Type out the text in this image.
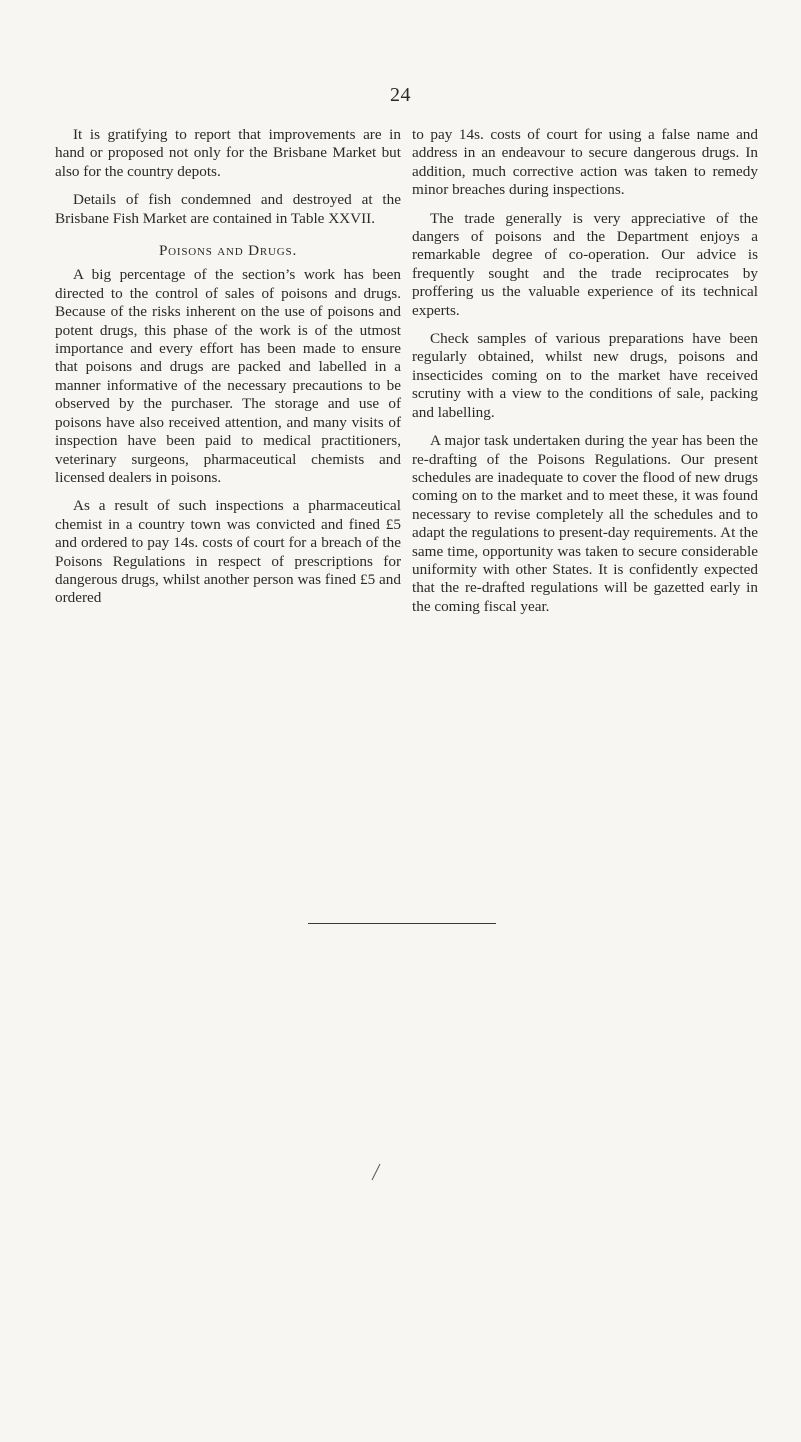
24

It is gratifying to report that improvements are in hand or proposed not only for the Brisbane Market but also for the country depots.

Details of fish condemned and destroyed at the Brisbane Fish Market are contained in Table XXVII.

Poisons and Drugs.

A big percentage of the section’s work has been directed to the control of sales of poisons and drugs. Because of the risks inherent on the use of poisons and potent drugs, this phase of the work is of the utmost importance and every effort has been made to ensure that poisons and drugs are packed and labelled in a manner informative of the necessary precautions to be observed by the purchaser. The storage and use of poisons have also received attention, and many visits of inspection have been paid to medical practitioners, veterinary surgeons, pharmaceutical chemists and licensed dealers in poisons.

As a result of such inspections a pharmaceutical chemist in a country town was convicted and fined £5 and ordered to pay 14s. costs of court for a breach of the Poisons Regulations in respect of prescriptions for dangerous drugs, whilst another person was fined £5 and ordered

to pay 14s. costs of court for using a false name and address in an endeavour to secure dangerous drugs. In addition, much corrective action was taken to remedy minor breaches during inspections.

The trade generally is very appreciative of the dangers of poisons and the Department enjoys a remarkable degree of co-operation. Our advice is frequently sought and the trade reciprocates by proffering us the valuable experience of its technical experts.

Check samples of various preparations have been regularly obtained, whilst new drugs, poisons and insecticides coming on to the market have received scrutiny with a view to the conditions of sale, packing and labelling.

A major task undertaken during the year has been the re-drafting of the Poisons Regulations. Our present schedules are inadequate to cover the flood of new drugs coming on to the market and to meet these, it was found necessary to revise completely all the schedules and to adapt the regulations to present-day requirements. At the same time, opportunity was taken to secure considerable uniformity with other States. It is confidently expected that the re-drafted regulations will be gazetted early in the coming fiscal year.
